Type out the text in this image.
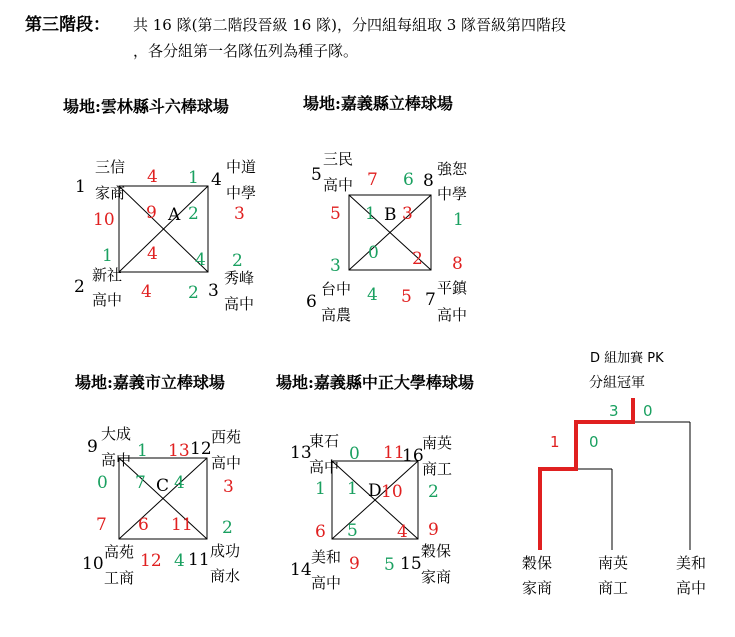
第三階段： 共 16 隊(第二階段晉級 16 隊)，分四組每組取 3 隊晉級第四階段
，各分組第一名隊伍列為種子隊。
場地:雲林縣斗六棒球場
A
1
三信
家商
4
中道
中學
2
新社
高中	3
秀峰
高中
4 1
10
1
3
2
4 2
9 2
4 4
場地:嘉義縣立棒球場
B
5
三民
高中	8
強恕
中學
6
台中
高農
7
平鎮
高中
7 6
5
3
1
8
4 5
1 3
0 2
場地:嘉義市立棒球場
C
9
大成
高中
12
西苑
高中
10
高苑
工商
11 成功
商水
1 13
0
7
3
2
12 4
7 4
6 11
場地:嘉義縣中正大學棒球場
D
13
東石
高中
16
南英
商工
14
美和
高中
15
穀保
家商
0 11
1
6
2
9
9 5
1 10
5 4
D 組加賽 PK
分組冠軍
3 0
1 0
穀保
家商
南英
商工
美和
高中
